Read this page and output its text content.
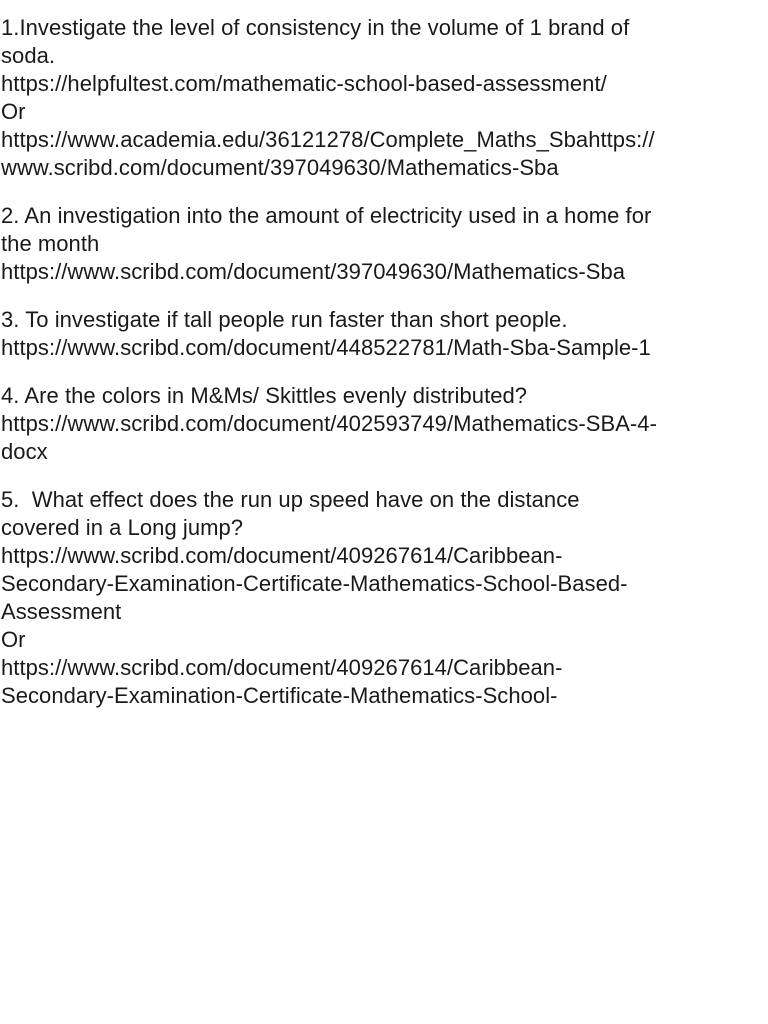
1.Investigate the level of consistency in the volume of 1 brand of
soda.
https://helpfultest.com/mathematic-school-based-assessment/
Or
https://www.academia.edu/36121278/Complete_Maths_Sbahttps://
www.scribd.com/document/397049630/Mathematics-Sba
2. An investigation into the amount of electricity used in a home for
the month
https://www.scribd.com/document/397049630/Mathematics-Sba
3. To investigate if tall people run faster than short people.
https://www.scribd.com/document/448522781/Math-Sba-Sample-1
4. Are the colors in M&Ms/ Skittles evenly distributed?
https://www.scribd.com/document/402593749/Mathematics-SBA-4-
docx
5.  What effect does the run up speed have on the distance
covered in a Long jump?
https://www.scribd.com/document/409267614/Caribbean-
Secondary-Examination-Certificate-Mathematics-School-Based-
Assessment
Or
https://www.scribd.com/document/409267614/Caribbean-
Secondary-Examination-Certificate-Mathematics-School-
